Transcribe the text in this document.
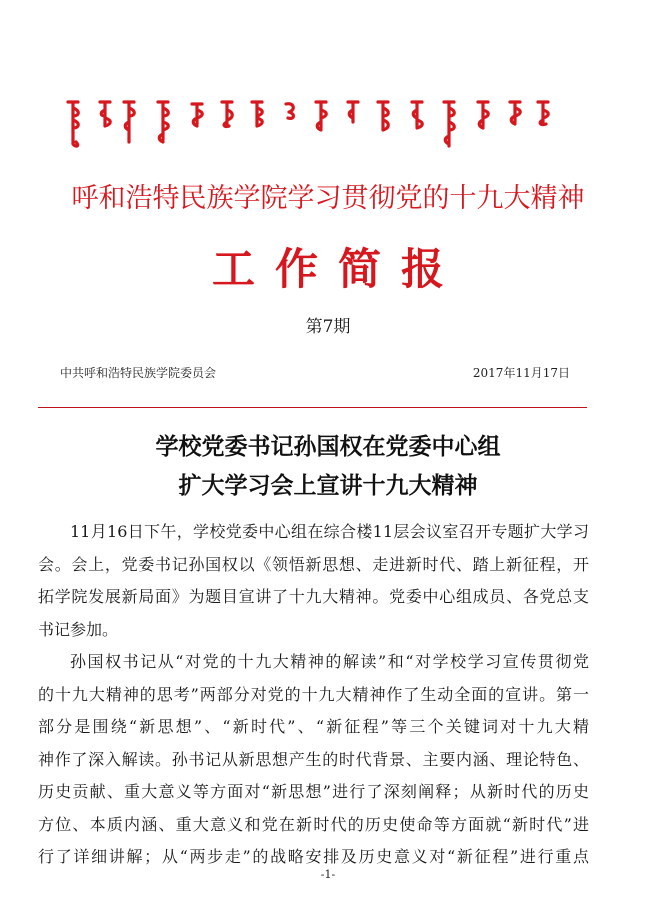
呼和浩特民族学院学习贯彻党的十九大精神
工作简报
第7期
中共呼和浩特民族学院委员会	2017年11月17日
学校党委书记孙国权在党委中心组
扩大学习会上宣讲十九大精神
11月16日下午，学校党委中心组在综合楼11层会议室召开专题扩大学习
会。会上，党委书记孙国权以《领悟新思想、走进新时代、踏上新征程，开
拓学院发展新局面》为题目宣讲了十九大精神。党委中心组成员、各党总支
书记参加。
孙国权书记从“对党的十九大精神的解读”和“对学校学习宣传贯彻党
的十九大精神的思考”两部分对党的十九大精神作了生动全面的宣讲。第一
部分是围绕“新思想”、“新时代”、“新征程”等三个关键词对十九大精
神作了深入解读。孙书记从新思想产生的时代背景、主要内涵、理论特色、
历史贡献、重大意义等方面对“新思想”进行了深刻阐释；从新时代的历史
方位、本质内涵、重大意义和党在新时代的历史使命等方面就“新时代”进
行了详细讲解；从“两步走”的战略安排及历史意义对“新征程”进行重点
-1-
